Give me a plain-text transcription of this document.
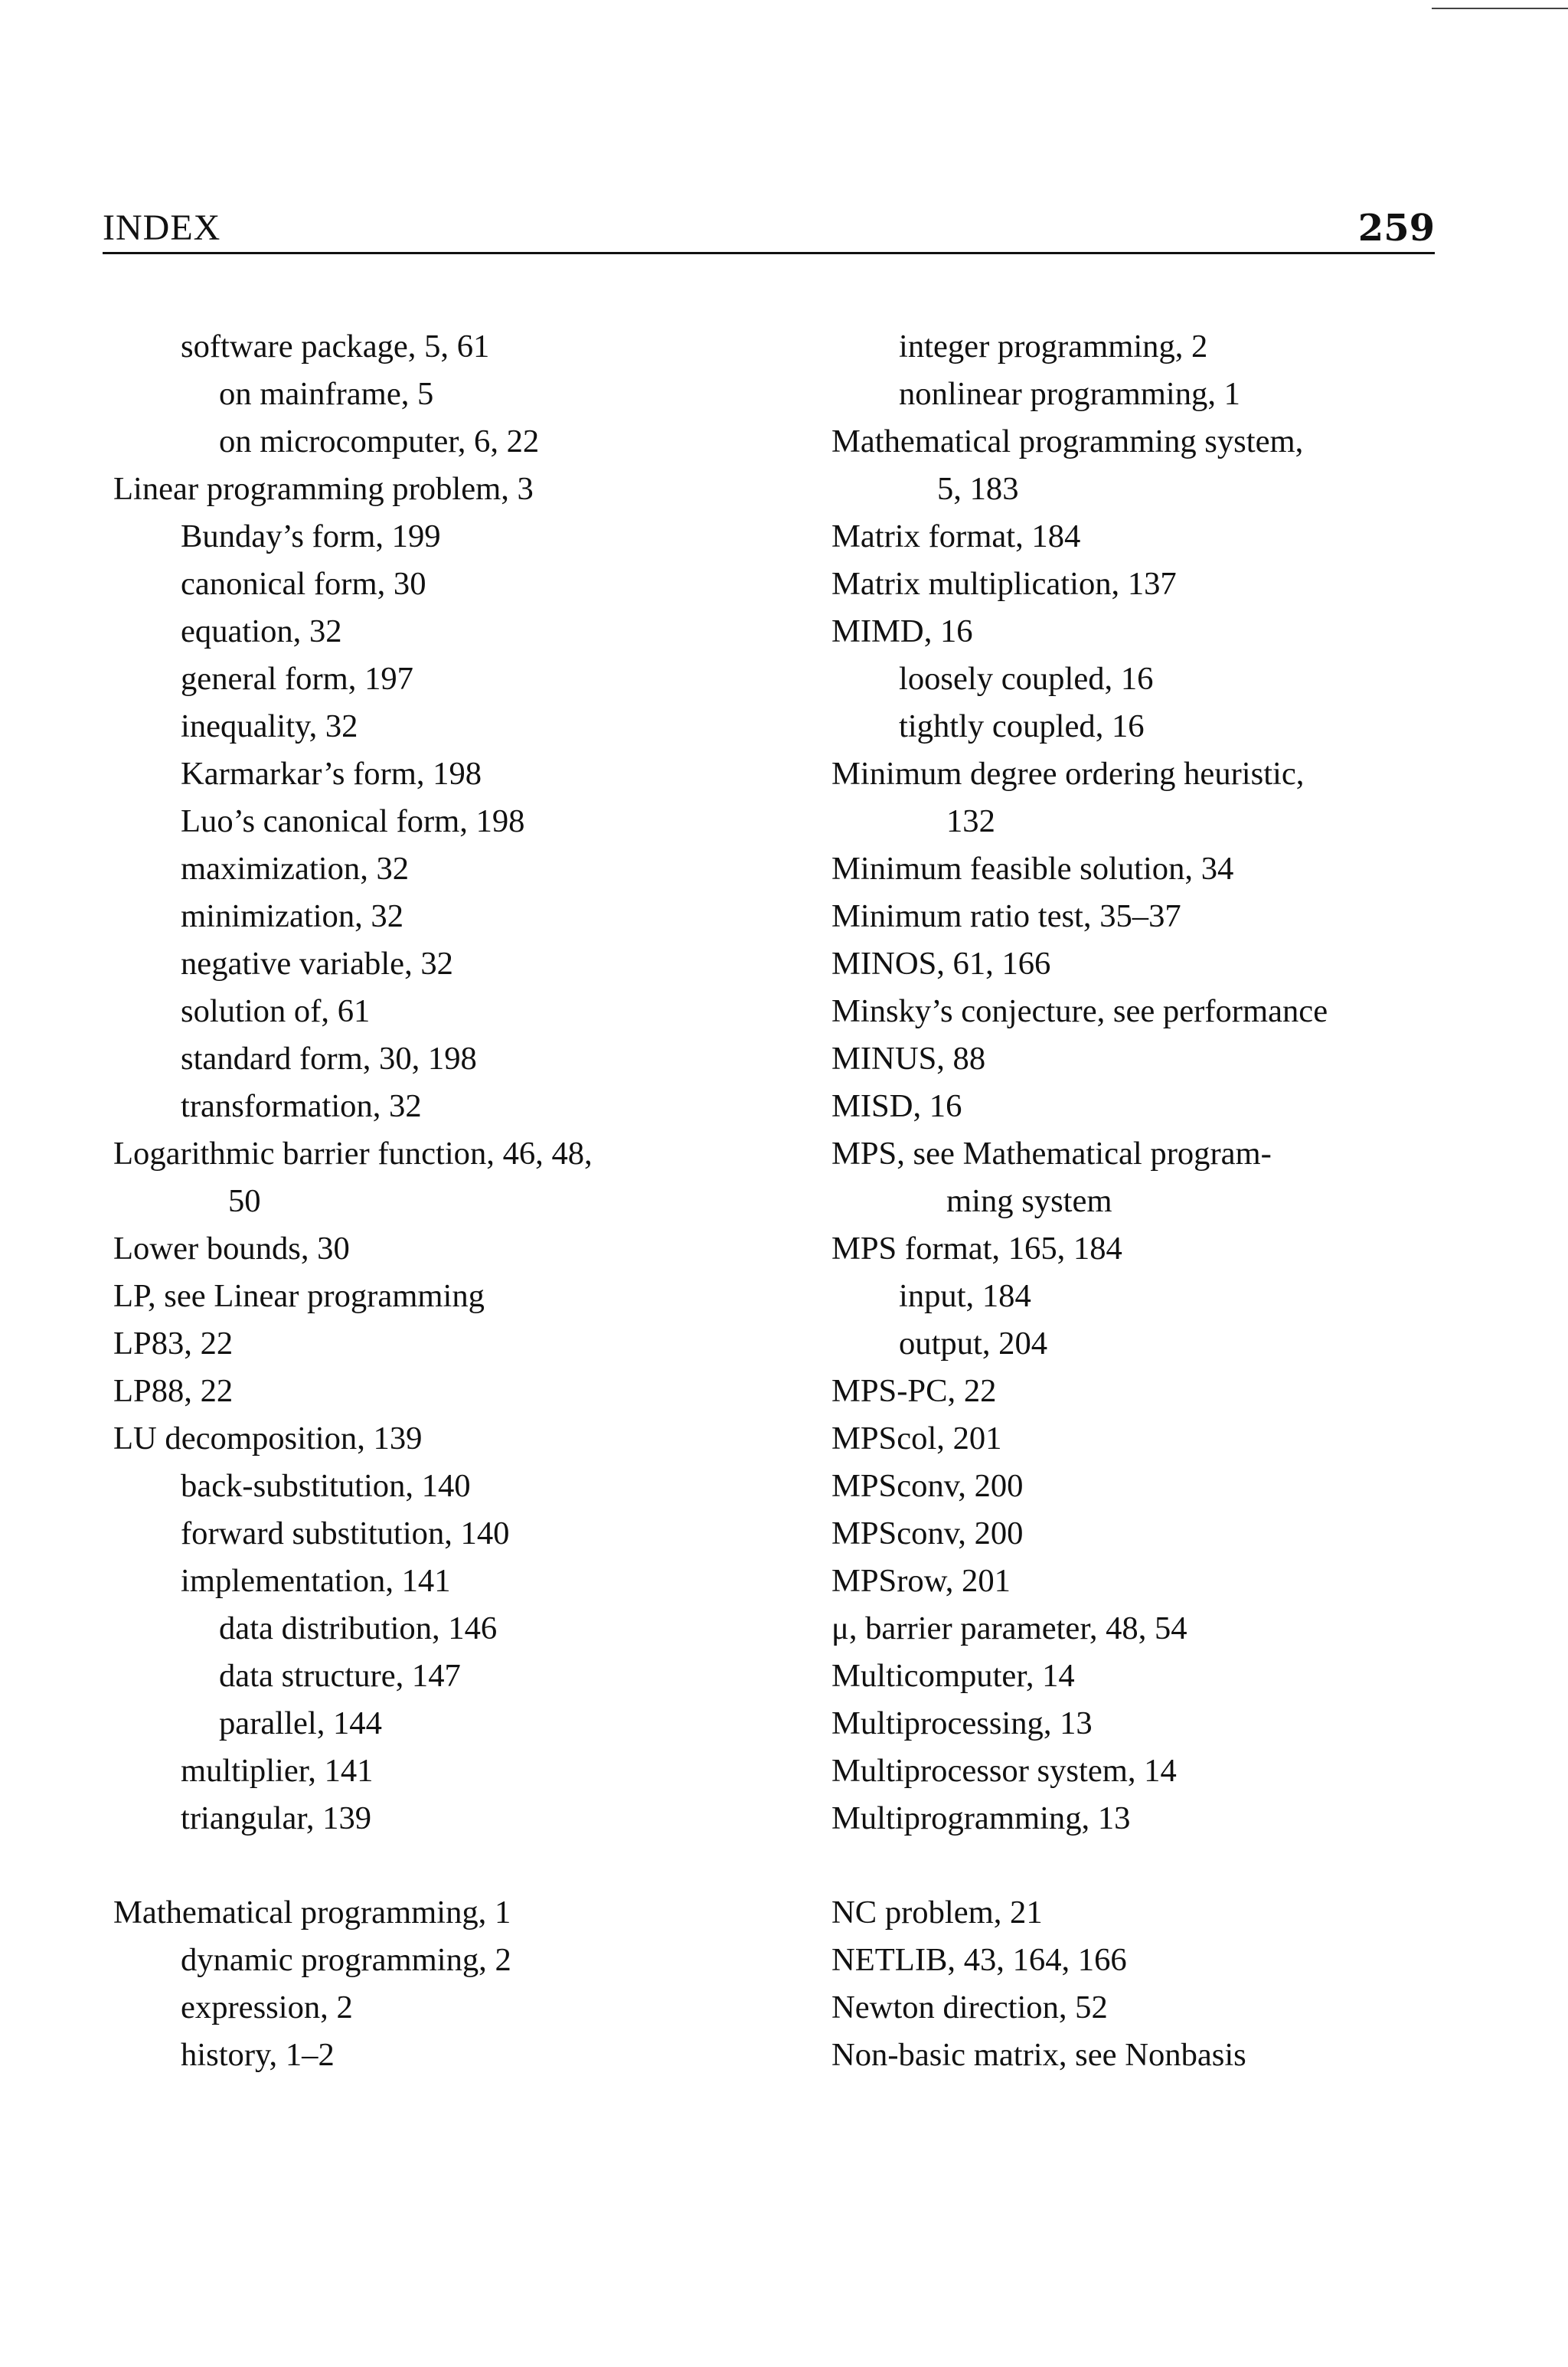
INDEX	259
software package, 5, 61
on mainframe, 5
on microcomputer, 6, 22
Linear programming problem, 3
Bunday’s form, 199
canonical form, 30
equation, 32
general form, 197
inequality, 32
Karmarkar’s form, 198
Luo’s canonical form, 198
maximization, 32
minimization, 32
negative variable, 32
solution of, 61
standard form, 30, 198
transformation, 32
Logarithmic barrier function, 46, 48,
50
Lower bounds, 30
LP, see Linear programming
LP83, 22
LP88, 22
LU decomposition, 139
back-substitution, 140
forward substitution, 140
implementation, 141
data distribution, 146
data structure, 147
parallel, 144
multiplier, 141
triangular, 139
integer programming, 2
nonlinear programming, 1
Mathematical programming system,
5, 183
Matrix format, 184
Matrix multiplication, 137
MIMD, 16
loosely coupled, 16
tightly coupled, 16
Minimum degree ordering heuristic,
132
Minimum feasible solution, 34
Minimum ratio test, 35–37
MINOS, 61, 166
Minsky’s conjecture, see performance
MINUS, 88
MISD, 16
MPS, see Mathematical program-
ming system
MPS format, 165, 184
input, 184
output, 204
MPS-PC, 22
MPScol, 201
MPSconv, 200
MPSconv, 200
MPSrow, 201
μ, barrier parameter, 48, 54
Multicomputer, 14
Multiprocessing, 13
Multiprocessor system, 14
Multiprogramming, 13
Mathematical programming, 1
dynamic programming, 2
expression, 2
history, 1–2
NC problem, 21
NETLIB, 43, 164, 166
Newton direction, 52
Non-basic matrix, see Nonbasis
